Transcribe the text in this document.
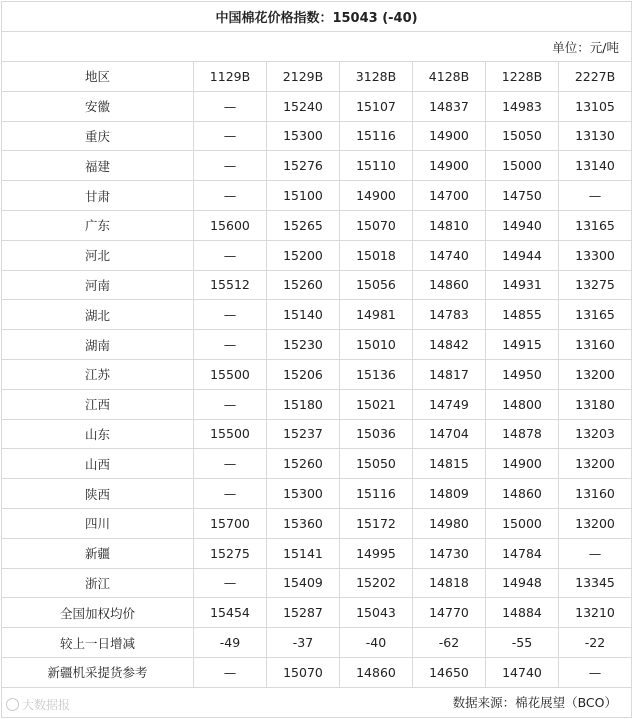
中国棉花价格指数：15043 (-40)						
单位：元/吨						
地区	1129B	2129B	3128B	4128B	1228B	2227B
安徽	—	15240	15107	14837	14983	13105
重庆	—	15300	15116	14900	15050	13130
福建	—	15276	15110	14900	15000	13140
甘肃	—	15100	14900	14700	14750	—
广东	15600	15265	15070	14810	14940	13165
河北	—	15200	15018	14740	14944	13300
河南	15512	15260	15056	14860	14931	13275
湖北	—	15140	14981	14783	14855	13165
湖南	—	15230	15010	14842	14915	13160
江苏	15500	15206	15136	14817	14950	13200
江西	—	15180	15021	14749	14800	13180
山东	15500	15237	15036	14704	14878	13203
山西	—	15260	15050	14815	14900	13200
陕西	—	15300	15116	14809	14860	13160
四川	15700	15360	15172	14980	15000	13200
新疆	15275	15141	14995	14730	14784	—
浙江	—	15409	15202	14818	14948	13345
全国加权均价	15454	15287	15043	14770	14884	13210
较上一日增减	-49	-37	-40	-62	-55	-22
新疆机采提货参考	—	15070	14860	14650	14740	—
数据来源：棉花展望（BCO）						
大数据报
